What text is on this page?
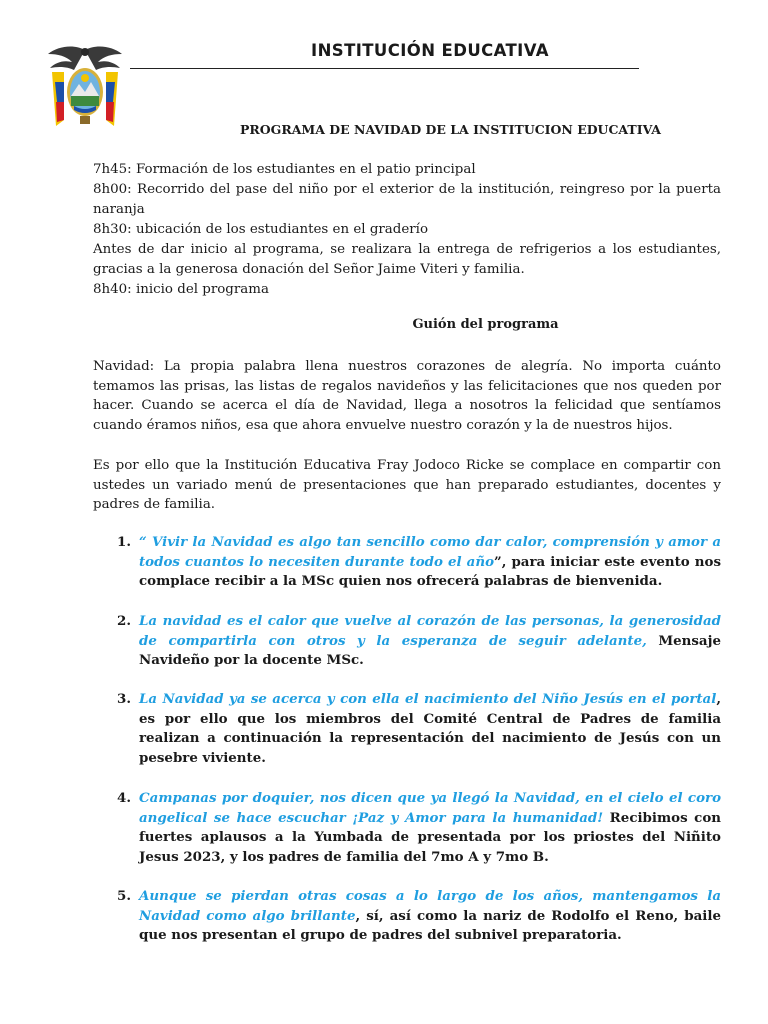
INSTITUCIÓN EDUCATIVA
PROGRAMA DE NAVIDAD DE LA INSTITUCION EDUCATIVA

7h45: Formación de los estudiantes en el patio principal

8h00: Recorrido del pase del niño por el exterior de la institución, reingreso por la puerta naranja

8h30: ubicación de los estudiantes en el graderío

Antes de dar inicio al programa, se realizara la entrega de refrigerios a los estudiantes, gracias a la generosa donación del Señor Jaime Viteri y familia.

8h40: inicio del programa

Guión del programa
Navidad: La propia palabra llena nuestros corazones de alegría. No importa cuánto temamos las prisas, las listas de regalos navideños y las felicitaciones que nos queden por hacer. Cuando se acerca el día de Navidad, llega a nosotros la felicidad que sentíamos cuando éramos niños, esa que ahora envuelve nuestro corazón y la de nuestros hijos.
Es por ello que la Institución Educativa Fray Jodoco Ricke se complace en compartir con ustedes un variado menú de presentaciones que han preparado estudiantes, docentes y padres de familia.
1. “ Vivir la Navidad es algo tan sencillo como dar calor, comprensión y amor a todos cuantos lo necesiten durante todo el año”, para iniciar este evento nos complace recibir a la MSc quien nos ofrecerá palabras de bienvenida.
2. La navidad es el calor que vuelve al corazón de las personas, la generosidad de compartirla con otros y la esperanza de seguir adelante, Mensaje Navideño por la docente MSc.
3. La Navidad ya se acerca y con ella el nacimiento del Niño Jesús en el portal, es por ello que los miembros del Comité Central de Padres de familia realizan a continuación la representación del nacimiento de Jesús con un pesebre viviente.
4. Campanas por doquier, nos dicen que ya llegó la Navidad, en el cielo el coro angelical se hace escuchar ¡Paz y Amor para la humanidad! Recibimos con fuertes aplausos a la Yumbada de presentada por los priostes del Niñito Jesus 2023, y los padres de familia del 7mo A y 7mo B.
5. Aunque se pierdan otras cosas a lo largo de los años, mantengamos la Navidad como algo brillante, sí, así como la nariz de Rodolfo el Reno, baile que nos presentan el grupo de padres del subnivel preparatoria.
